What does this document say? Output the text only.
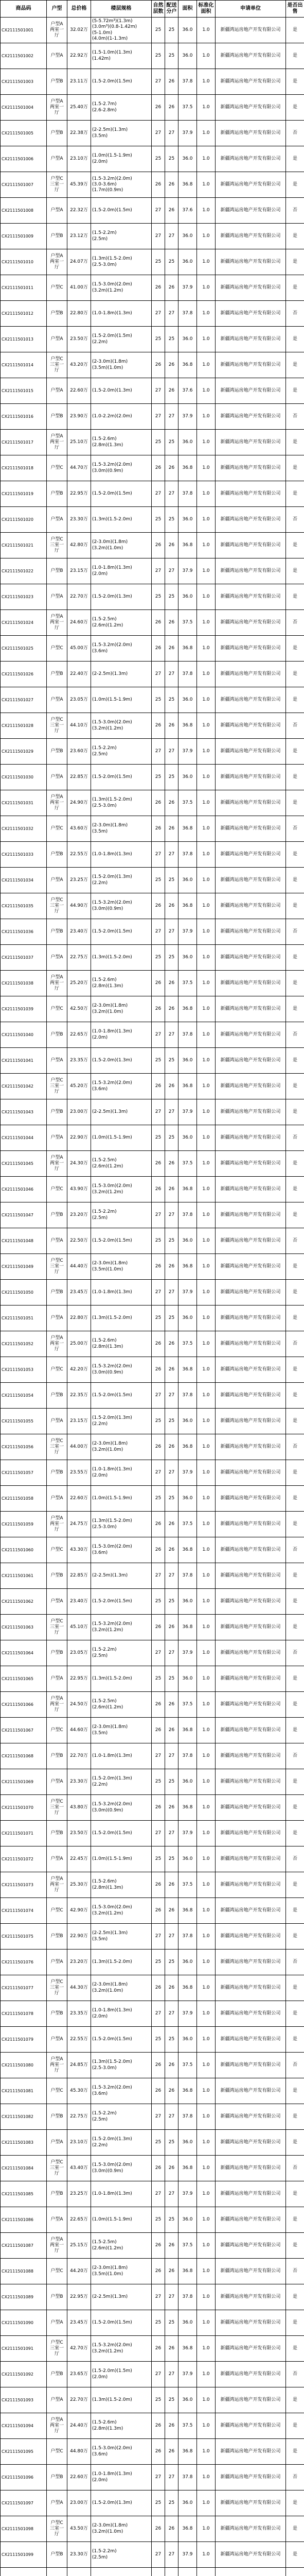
商品码	户型	总价格	楼层规格	自然层数	配送分户	面积	标准化面积	申请单位	是否出售
CX2111501001	户型A
两室一厅	32.02万	(5-5.72m³)(1.3m)
(3.0m³)(0.8-1.42m)
(5-1.0m)
(4.0m)(1-1.3m)	25	25	36.0	1.0	新疆鸿运房地产开发有限公司	是
CX2111501002	户型A	22.92万	(1.5-1.0m)(1.3m)
(1.42m)	25	25	36.0	1.0	新疆鸿运房地产开发有限公司	是
CX2111501003	户型B	23.11万	(1.5-2.0m)(1.5m)	27	26	37.8	1.0	新疆鸿运房地产开发有限公司	是
CX2111501004	户型A
两室一厅	25.40万	(1.5-2.7m)
(2.6-2.8m)	26	26	37.5	1.0	新疆鸿运房地产开发有限公司	是
CX2111501005	户型B	22.38万	(2-2.5m)(1.3m)
(3.5m)	27	27	37.9	1.0	新疆鸿运房地产开发有限公司	否
CX2111501006	户型A	23.10万	(1.0m)(1.5-1.9m)
(2.0m)	25	25	36.0	1.0	新疆鸿运房地产开发有限公司	是
CX2111501007	户型C
三室一厅	45.39万	(1.5-3.2m)(2.0m)
(3.0-3.6m)
(1.7m)(0.9m)	26	26	36.8	1.0	新疆鸿运房地产开发有限公司	是
CX2111501008	户型A	22.32万	(1.5-2.0m)(1.5m)	27	26	37.6	1.0	新疆鸿运房地产开发有限公司	否
CX2111501009	户型B	23.12万	(1.5-2.2m)
(2.5m)	27	27	36.0	1.0	新疆鸿运房地产开发有限公司	是
CX2111501010	户型A
两室一厅	24.07万	(1.3m)(1.5-2.0m)
(2.5-3.0m)	25	25	36.0	1.0	新疆鸿运房地产开发有限公司	是
CX2111501011	户型C	41.00万	(1.5-3.0m)(2.0m)
(3.2m)(1.2m)	26	26	37.9	1.0	新疆鸿运房地产开发有限公司	是
CX2111501012	户型B	22.80万	(1.0-1.8m)(1.3m)	27	27	37.8	1.0	新疆鸿运房地产开发有限公司	否
CX2111501013	户型A	23.50万	(1.5-2.0m)(1.5m)
(2.2m)	25	25	36.0	1.0	新疆鸿运房地产开发有限公司	是
CX2111501014	户型C
三室一厅	43.20万	(2-3.0m)(1.8m)
(3.5m)(1.0m)	26	26	36.8	1.0	新疆鸿运房地产开发有限公司	是
CX2111501015	户型A	22.60万	(1.5-2.0m)(1.3m)	27	26	37.6	1.0	新疆鸿运房地产开发有限公司	是
CX2111501016	户型B	23.90万	(1.0-2.2m)(2.0m)	27	27	37.9	1.0	新疆鸿运房地产开发有限公司	否
CX2111501017	户型A
两室一厅	25.10万	(1.5-2.6m)
(2.8m)(1.3m)	25	25	36.0	1.0	新疆鸿运房地产开发有限公司	是
CX2111501018	户型C	44.70万	(1.5-3.2m)(2.0m)
(3.0m)(0.9m)	26	26	36.8	1.0	新疆鸿运房地产开发有限公司	是
CX2111501019	户型B	22.95万	(1.5-2.0m)(1.5m)	27	27	37.8	1.0	新疆鸿运房地产开发有限公司	是
CX2111501020	户型A	23.30万	(1.3m)(1.5-2.0m)	25	25	36.0	1.0	新疆鸿运房地产开发有限公司	否
CX2111501021	户型C
三室一厅	42.80万	(2-3.0m)(1.8m)
(3.2m)(1.0m)	26	26	36.8	1.0	新疆鸿运房地产开发有限公司	是
CX2111501022	户型B	23.15万	(1.0-1.8m)(1.3m)
(2.0m)	27	27	37.9	1.0	新疆鸿运房地产开发有限公司	是
CX2111501023	户型A	22.70万	(1.5-2.0m)(1.3m)	25	25	36.0	1.0	新疆鸿运房地产开发有限公司	是
CX2111501024	户型A
两室一厅	24.60万	(1.5-2.5m)
(2.6m)(1.2m)	26	26	37.5	1.0	新疆鸿运房地产开发有限公司	否
CX2111501025	户型C	45.00万	(1.5-3.2m)(2.0m)
(3.6m)	26	26	36.8	1.0	新疆鸿运房地产开发有限公司	是
CX2111501026	户型B	22.40万	(2-2.5m)(1.3m)	27	27	37.8	1.0	新疆鸿运房地产开发有限公司	是
CX2111501027	户型A	23.05万	(1.0m)(1.5-1.9m)	25	25	36.0	1.0	新疆鸿运房地产开发有限公司	是
CX2111501028	户型C
三室一厅	44.10万	(1.5-3.0m)(2.0m)
(3.2m)(1.2m)	26	26	36.8	1.0	新疆鸿运房地产开发有限公司	否
CX2111501029	户型B	23.60万	(1.5-2.2m)
(2.5m)	27	27	37.9	1.0	新疆鸿运房地产开发有限公司	是
CX2111501030	户型A	22.85万	(1.5-2.0m)(1.5m)	25	25	36.0	1.0	新疆鸿运房地产开发有限公司	是
CX2111501031	户型A
两室一厅	24.90万	(1.3m)(1.5-2.0m)
(2.5-3.0m)	26	26	37.5	1.0	新疆鸿运房地产开发有限公司	是
CX2111501032	户型C	43.60万	(2-3.0m)(1.8m)
(3.5m)	26	26	36.8	1.0	新疆鸿运房地产开发有限公司	否
CX2111501033	户型B	22.55万	(1.0-1.8m)(1.3m)	27	27	37.8	1.0	新疆鸿运房地产开发有限公司	是
CX2111501034	户型A	23.25万	(1.5-2.0m)(1.3m)
(2.2m)	25	25	36.0	1.0	新疆鸿运房地产开发有限公司	是
CX2111501035	户型C
三室一厅	44.90万	(1.5-3.2m)(2.0m)
(3.0m)(0.9m)	26	26	36.8	1.0	新疆鸿运房地产开发有限公司	是
CX2111501036	户型B	23.40万	(1.5-2.0m)(1.5m)	27	27	37.9	1.0	新疆鸿运房地产开发有限公司	否
CX2111501037	户型A	22.75万	(1.3m)(1.5-2.0m)	25	25	36.0	1.0	新疆鸿运房地产开发有限公司	是
CX2111501038	户型A
两室一厅	25.20万	(1.5-2.6m)
(2.8m)(1.3m)	26	26	37.5	1.0	新疆鸿运房地产开发有限公司	是
CX2111501039	户型C	42.50万	(2-3.0m)(1.8m)
(3.2m)(1.0m)	26	26	36.8	1.0	新疆鸿运房地产开发有限公司	是
CX2111501040	户型B	22.65万	(1.0-1.8m)(1.3m)
(2.0m)	27	27	37.8	1.0	新疆鸿运房地产开发有限公司	否
CX2111501041	户型A	23.35万	(1.5-2.0m)(1.3m)	25	25	36.0	1.0	新疆鸿运房地产开发有限公司	是
CX2111501042	户型C
三室一厅	45.20万	(1.5-3.2m)(2.0m)
(3.6m)	26	26	36.8	1.0	新疆鸿运房地产开发有限公司	是
CX2111501043	户型B	23.00万	(2-2.5m)(1.3m)	27	27	37.9	1.0	新疆鸿运房地产开发有限公司	是
CX2111501044	户型A	22.90万	(1.0m)(1.5-1.9m)	25	25	36.0	1.0	新疆鸿运房地产开发有限公司	否
CX2111501045	户型A
两室一厅	24.30万	(1.5-2.5m)
(2.6m)(1.2m)	26	26	37.5	1.0	新疆鸿运房地产开发有限公司	是
CX2111501046	户型C	43.90万	(1.5-3.0m)(2.0m)
(3.2m)(1.2m)	26	26	36.8	1.0	新疆鸿运房地产开发有限公司	是
CX2111501047	户型B	23.20万	(1.5-2.2m)
(2.5m)	27	27	37.8	1.0	新疆鸿运房地产开发有限公司	是
CX2111501048	户型A	22.50万	(1.5-2.0m)(1.5m)	25	25	36.0	1.0	新疆鸿运房地产开发有限公司	否
CX2111501049	户型C
三室一厅	44.40万	(2-3.0m)(1.8m)
(3.5m)(1.0m)	26	26	36.8	1.0	新疆鸿运房地产开发有限公司	是
CX2111501050	户型B	23.45万	(1.0-1.8m)(1.3m)	27	27	37.9	1.0	新疆鸿运房地产开发有限公司	是
CX2111501051	户型A	22.80万	(1.3m)(1.5-2.0m)	25	25	36.0	1.0	新疆鸿运房地产开发有限公司	是
CX2111501052	户型A
两室一厅	25.00万	(1.5-2.6m)
(2.8m)(1.3m)	26	26	37.5	1.0	新疆鸿运房地产开发有限公司	否
CX2111501053	户型C	42.20万	(1.5-3.2m)(2.0m)
(3.0m)(0.9m)	26	26	36.8	1.0	新疆鸿运房地产开发有限公司	是
CX2111501054	户型B	22.35万	(1.5-2.0m)(1.5m)	27	27	37.8	1.0	新疆鸿运房地产开发有限公司	是
CX2111501055	户型A	23.15万	(1.5-2.0m)(1.3m)
(2.2m)	25	25	36.0	1.0	新疆鸿运房地产开发有限公司	是
CX2111501056	户型C
三室一厅	44.00万	(2-3.0m)(1.8m)
(3.2m)(1.0m)	26	26	36.8	1.0	新疆鸿运房地产开发有限公司	否
CX2111501057	户型B	23.55万	(1.0-1.8m)(1.3m)
(2.0m)	27	27	37.9	1.0	新疆鸿运房地产开发有限公司	是
CX2111501058	户型A	22.60万	(1.0m)(1.5-1.9m)	25	25	36.0	1.0	新疆鸿运房地产开发有限公司	是
CX2111501059	户型A
两室一厅	24.75万	(1.3m)(1.5-2.0m)
(2.5-3.0m)	26	26	37.5	1.0	新疆鸿运房地产开发有限公司	是
CX2111501060	户型C	43.30万	(1.5-3.0m)(2.0m)
(3.6m)	26	26	36.8	1.0	新疆鸿运房地产开发有限公司	否
CX2111501061	户型B	22.85万	(2-2.5m)(1.3m)	27	27	37.8	1.0	新疆鸿运房地产开发有限公司	是
CX2111501062	户型A	23.40万	(1.5-2.0m)(1.5m)	25	25	36.0	1.0	新疆鸿运房地产开发有限公司	是
CX2111501063	户型C
三室一厅	45.10万	(1.5-3.2m)(2.0m)
(3.2m)(1.2m)	26	26	36.8	1.0	新疆鸿运房地产开发有限公司	是
CX2111501064	户型B	23.05万	(1.5-2.2m)
(2.5m)	27	27	37.9	1.0	新疆鸿运房地产开发有限公司	否
CX2111501065	户型A	22.95万	(1.3m)(1.5-2.0m)	25	25	36.0	1.0	新疆鸿运房地产开发有限公司	是
CX2111501066	户型A
两室一厅	24.50万	(1.5-2.5m)
(2.6m)(1.2m)	26	26	37.5	1.0	新疆鸿运房地产开发有限公司	是
CX2111501067	户型C	44.60万	(2-3.0m)(1.8m)
(3.5m)	26	26	36.8	1.0	新疆鸿运房地产开发有限公司	是
CX2111501068	户型B	22.70万	(1.0-1.8m)(1.3m)	27	27	37.8	1.0	新疆鸿运房地产开发有限公司	否
CX2111501069	户型A	23.30万	(1.5-2.0m)(1.3m)
(2.2m)	25	25	36.0	1.0	新疆鸿运房地产开发有限公司	是
CX2111501070	户型C
三室一厅	43.80万	(1.5-3.2m)(2.0m)
(3.0m)(0.9m)	26	26	36.8	1.0	新疆鸿运房地产开发有限公司	是
CX2111501071	户型B	23.50万	(1.5-2.0m)(1.5m)	27	27	37.9	1.0	新疆鸿运房地产开发有限公司	是
CX2111501072	户型A	22.45万	(1.0m)(1.5-1.9m)	25	25	36.0	1.0	新疆鸿运房地产开发有限公司	否
CX2111501073	户型A
两室一厅	25.30万	(1.5-2.6m)
(2.8m)(1.3m)	26	26	37.5	1.0	新疆鸿运房地产开发有限公司	是
CX2111501074	户型C	42.90万	(1.5-3.0m)(2.0m)
(3.2m)(1.2m)	26	26	36.8	1.0	新疆鸿运房地产开发有限公司	是
CX2111501075	户型B	22.90万	(2-2.5m)(1.3m)
(3.5m)	27	27	37.8	1.0	新疆鸿运房地产开发有限公司	是
CX2111501076	户型A	23.20万	(1.3m)(1.5-2.0m)	25	25	36.0	1.0	新疆鸿运房地产开发有限公司	否
CX2111501077	户型C
三室一厅	44.30万	(2-3.0m)(1.8m)
(3.2m)(1.0m)	26	26	36.8	1.0	新疆鸿运房地产开发有限公司	是
CX2111501078	户型B	23.35万	(1.0-1.8m)(1.3m)
(2.0m)	27	27	37.9	1.0	新疆鸿运房地产开发有限公司	是
CX2111501079	户型A	22.55万	(1.5-2.0m)(1.5m)	25	25	36.0	1.0	新疆鸿运房地产开发有限公司	是
CX2111501080	户型A
两室一厅	24.85万	(1.3m)(1.5-2.0m)
(2.5-3.0m)	26	26	37.5	1.0	新疆鸿运房地产开发有限公司	否
CX2111501081	户型C	45.30万	(1.5-3.2m)(2.0m)
(3.6m)	26	26	36.8	1.0	新疆鸿运房地产开发有限公司	是
CX2111501082	户型B	22.75万	(1.5-2.2m)
(2.5m)	27	27	37.8	1.0	新疆鸿运房地产开发有限公司	是
CX2111501083	户型A	23.10万	(1.5-2.0m)(1.3m)
(2.2m)	25	25	36.0	1.0	新疆鸿运房地产开发有限公司	是
CX2111501084	户型C
三室一厅	43.40万	(1.5-3.0m)(2.0m)
(3.0m)(0.9m)	26	26	36.8	1.0	新疆鸿运房地产开发有限公司	否
CX2111501085	户型B	23.25万	(1.0-1.8m)(1.3m)	27	27	37.9	1.0	新疆鸿运房地产开发有限公司	是
CX2111501086	户型A	22.65万	(1.0m)(1.5-1.9m)	25	25	36.0	1.0	新疆鸿运房地产开发有限公司	是
CX2111501087	户型A
两室一厅	25.15万	(1.5-2.5m)
(2.6m)(1.2m)	26	26	37.5	1.0	新疆鸿运房地产开发有限公司	是
CX2111501088	户型C	44.20万	(2-3.0m)(1.8m)
(3.5m)(1.0m)	26	26	36.8	1.0	新疆鸿运房地产开发有限公司	否
CX2111501089	户型B	22.95万	(2-2.5m)(1.3m)	27	27	37.8	1.0	新疆鸿运房地产开发有限公司	是
CX2111501090	户型A	23.45万	(1.5-2.0m)(1.5m)	25	25	36.0	1.0	新疆鸿运房地产开发有限公司	是
CX2111501091	户型C
三室一厅	42.70万	(1.5-3.2m)(2.0m)
(3.2m)(1.2m)	26	26	36.8	1.0	新疆鸿运房地产开发有限公司	是
CX2111501092	户型B	23.65万	(1.5-2.0m)(1.5m)
(2.0m)	27	27	37.9	1.0	新疆鸿运房地产开发有限公司	否
CX2111501093	户型A	22.70万	(1.3m)(1.5-2.0m)	25	25	36.0	1.0	新疆鸿运房地产开发有限公司	是
CX2111501094	户型A
两室一厅	24.40万	(1.5-2.6m)
(2.8m)(1.3m)	26	26	37.5	1.0	新疆鸿运房地产开发有限公司	是
CX2111501095	户型C	44.80万	(1.5-3.0m)(2.0m)
(3.6m)	26	26	36.8	1.0	新疆鸿运房地产开发有限公司	是
CX2111501096	户型B	22.60万	(1.0-1.8m)(1.3m)
(2.0m)	27	27	37.8	1.0	新疆鸿运房地产开发有限公司	否
CX2111501097	户型A	23.00万	(1.5-2.0m)(1.3m)	25	25	36.0	1.0	新疆鸿运房地产开发有限公司	是
CX2111501098	户型C
三室一厅	43.50万	(2-3.0m)(1.8m)
(3.2m)(1.0m)	26	26	36.8	1.0	新疆鸿运房地产开发有限公司	是
CX2111501099	户型B	23.30万	(1.5-2.2m)
(2.5m)	27	27	37.9	1.0	新疆鸿运房地产开发有限公司	是
